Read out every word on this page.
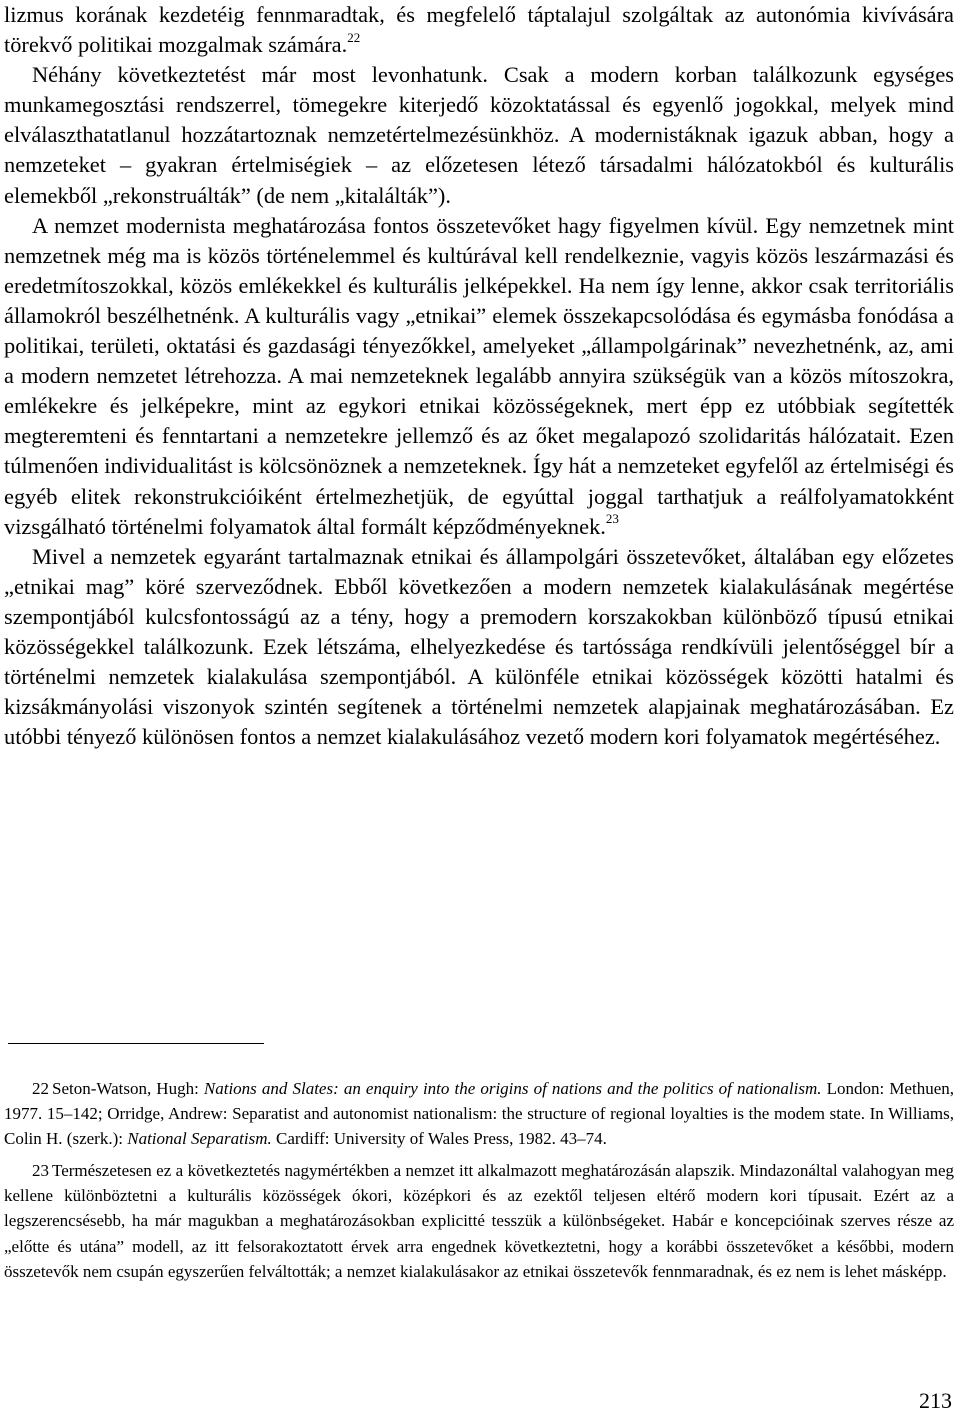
lizmus korának kezdetéig fennmaradtak, és megfelelő táptalajul szolgáltak az autonómia kivívására törekvő politikai mozgalmak számára.$^{22}$

Néhány következtetést már most levonhatunk. Csak a modern korban találkozunk egységes munkamegosztási rendszerrel, tömegekre kiterjedő közoktatással és egyenlő jogokkal, melyek mind elválaszthatatlanul hozzátartoznak nemzetértelmezésünkhöz. A modernistáknak igazuk abban, hogy a nemzeteket – gyakran értelmiségiek – az előzetesen létező társadalmi hálózatokból és kulturális elemekből „rekonstruálták” (de nem „kitalálták”).

A nemzet modernista meghatározása fontos összetevőket hagy figyelmen kívül. Egy nemzetnek mint nemzetnek még ma is közös történelemmel és kultúrával kell rendelkeznie, vagyis közös leszármazási és eredetmítoszokkal, közös emlékekkel és kulturális jelképekkel. Ha nem így lenne, akkor csak territoriális államokról beszélhetnénk. A kulturális vagy „etnikai” elemek összekapcsolódása és egymásba fonódása a politikai, területi, oktatási és gazdasági tényezőkkel, amelyeket „állampolgárinak” nevezhetnénk, az, ami a modern nemzetet létrehozza. A mai nemzeteknek legalább annyira szükségük van a közös mítoszokra, emlékekre és jelképekre, mint az egykori etnikai közösségeknek, mert épp ez utóbbiak segítették megteremteni és fenntartani a nemzetekre jellemző és az őket megalapozó szolidaritás hálózatait. Ezen túlmenően individualitást is kölcsönöznek a nemzeteknek. Így hát a nemzeteket egyfelől az értelmiségi és egyéb elitek rekonstrukcióiként értelmezhetjük, de egyúttal joggal tarthatjuk a reálfolyamatokként vizsgálható történelmi folyamatok által formált képződményeknek.$^{23}$

Mivel a nemzetek egyaránt tartalmaznak etnikai és állampolgári összetevőket, általában egy előzetes „etnikai mag” köré szerveződnek. Ebből következően a modern nemzetek kialakulásának megértése szempontjából kulcsfontosságú az a tény, hogy a premodern korszakokban különböző típusú etnikai közösségekkel találkozunk. Ezek létszáma, elhelyezkedése és tartóssága rendkívüli jelentőséggel bír a történelmi nemzetek kialakulása szempontjából. A különféle etnikai közösségek közötti hatalmi és kizsákmányolási viszonyok szintén segítenek a történelmi nemzetek alapjainak meghatározásában. Ez utóbbi tényező különösen fontos a nemzet kialakulásához vezető modern kori folyamatok megértéséhez.

22 Seton-Watson, Hugh: Nations and Slates: an enquiry into the origins of nations and the politics of nationalism. London: Methuen, 1977. 15–142; Orridge, Andrew: Separatist and autonomist nationalism: the structure of regional loyalties is the modem state. In Williams, Colin H. (szerk.): National Separatism. Cardiff: University of Wales Press, 1982. 43–74.

23 Természetesen ez a következtetés nagymértékben a nemzet itt alkalmazott meghatározásán alapszik. Mindazonáltal valahogyan meg kellene különböztetni a kulturális közösségek ókori, középkori és az ezektől teljesen eltérő modern kori típusait. Ezért az a legszerencsésebb, ha már magukban a meghatározásokban explicitté tesszük a különbségeket. Habár e koncepcióinak szerves része az „előtte és utána” modell, az itt felsorakoztatott érvek arra engednek következtetni, hogy a korábbi összetevőket a későbbi, modern összetevők nem csupán egyszerűen felváltották; a nemzet kialakulásakor az etnikai összetevők fennmaradnak, és ez nem is lehet másképp.

213
